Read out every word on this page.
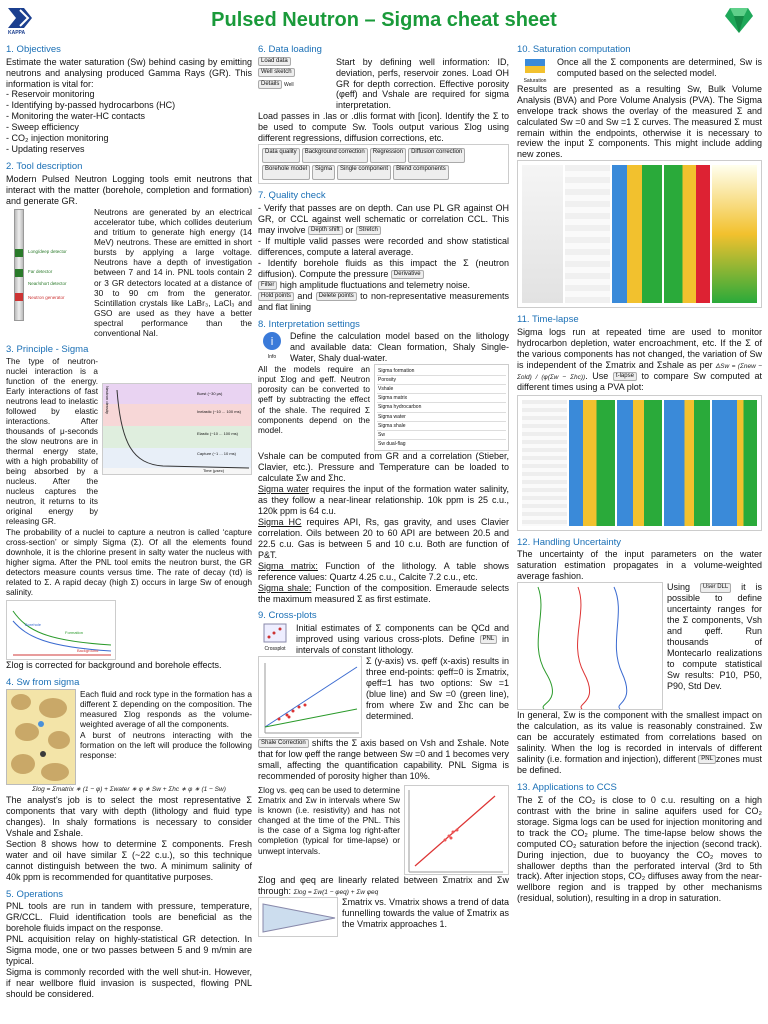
KAPPA
Pulsed Neutron – Sigma cheat sheet
1. Objectives

Estimate the water saturation (Sw) behind casing by emitting neutrons and analysing produced Gamma Rays (GR). This information is vital for:

- Reservoir monitoring
- Identifying by-passed hydrocarbons (HC)
- Monitoring the water-HC contacts
- Sweep efficiency
- CO₂ injection monitoring
- Updating reserves
2. Tool description

Modern Pulsed Neutron Logging tools emit neutrons that interact with the matter (borehole, completion and formation) and generate GR.

Long/deep detector
Far detector
Near/short detector
Neutron generator

Neutrons are generated by an electrical accelerator tube, which collides deuterium and tritium to generate high energy (14 MeV) neutrons. These are emitted in short bursts by applying a large voltage. Neutrons have a depth of investigation between 7 and 14 in. PNL tools contain 2 or 3 GR detectors located at a distance of 30 to 90 cm from the generator. Scintillation crystals like LaBr₃, LaCl₃ and GSO are used as they have a better spectral performance than the conventional NaI.

3. Principle - Sigma

The type of neutron-nuclei interaction is a function of the energy. Early interactions of fast neutrons lead to inelastic followed by elastic interactions. After thousands of μ-seconds the slow neutrons are in thermal energy state, with a high probability of being absorbed by a nucleus. After the nucleus captures the neutron, it returns to its original energy by releasing GR.

Burst (~30 μs)
Inelastic (~10 ... 100 ms)
Elastic (~10 ... 100 ms)
Capture (~1 ... 10 ms)
Time (μsec)
Neutron density

The probability of a nuclei to capture a neutron is called ‘capture cross-section’ or simply Sigma (Σ). Of all the elements found downhole, it is the chlorine present in salty water the nucleus with higher sigma. After the PNL tool emits the neutron burst, the GR detectors measure counts versus time. The rate of decay (τd) is related to Σ. A rapid decay (high Σ) occurs in large Sw of enough salinity.

Borehole
Formation
Background

Σlog is corrected for background and borehole effects.

4. Sw from sigma

Each fluid and rock type in the formation has a different Σ depending on the composition. The measured Σlog responds as the volume-weighted average of all the components.

A burst of neutrons interacting with the formation on the left will produce the following response:

Σlog = Σmatrix ∗ (1 − φ) + Σwater ∗ φ ∗ Sw + Σhc ∗ φ ∗ (1 − Sw)

The analyst’s job is to select the most representative Σ components that vary with depth (lithology and fluid type changes). In shaly formations is necessary to consider Vshale and Σshale.

Section 8 shows how to determine Σ components. Fresh water and oil have similar Σ (~22 c.u.), so this technique cannot distinguish between the two. A minimum salinity of 40k ppm is recommended for quantitative purposes.

5. Operations

PNL tools are run in tandem with pressure, temperature, GR/CCL. Fluid identification tools are beneficial as the borehole fluids impact on the response.

PNL acquisition relay on highly-statistical GR detection. In Sigma mode, one or two passes between 5 and 9 m/min are typical.

Sigma is commonly recorded with the well shut-in. However, if near wellbore fluid invasion is suspected, flowing PNL should be considered.

6. Data loading
Load data
Well sketch
Details Well

Start by defining well information: ID, deviation, perfs, reservoir zones. Load OH GR for depth correction. Effective porosity (φeff) and Vshale are required for sigma interpretation.

Load passes in .las or .dlis format with [icon]. Identify the Σ to be used to compute Sw. Tools output various Σlog using different regressions, diffusion corrections, etc.

Data quality	Background correction	Regression	Diffusion correction
Borehole model	Sigma	Single component	Blend components
7. Quality check

- Verify that passes are on depth. Can use PL GR against OH GR, or CCL against well schematic or correlation CCL. This may involve Depth shift or Stretch

- If multiple valid passes were recorded and show statistical differences, compute a lateral average.

- Identify borehole fluids as this impact the Σ (neutron diffusion). Compute the pressure Derivative

Filter high amplitude fluctuations and telemetry noise.

Hold points and Delete points to non-representative measurements and flat lining

8. Interpretation settings
i
Info

Define the calculation model based on the lithology and available data: Clean formation, Shaly Single-Water, Shaly dual-water.

All the models require an input Σlog and φeff. Neutron porosity can be converted to φeff by subtracting the effect of the shale. The required Σ components depend on the model.

Sigma formation
Porosity
Vshale
Sigma matrix
Sigma hydrocarbon
Sigma water
Sigma shale
Sw
Sw dual-flag

Vshale can be computed from GR and a correlation (Stieber, Clavier, etc.). Pressure and Temperature can be loaded to calculate Σw and Σhc.

Sigma water requires the input of the formation water salinity, as they follow a near-linear relationship. 10k ppm is 25 c.u., 120k ppm is 64 c.u.

Sigma HC requires API, Rs, gas gravity, and uses Clavier correlation. Oils between 20 to 60 API are between 20.5 and 22.5 c.u. Gas is between 5 and 10 c.u. Both are function of P&T.

Sigma matrix: Function of the lithology. A table shows reference values: Quartz 4.25 c.u., Calcite 7.2 c.u., etc.

Sigma shale: Function of the composition. Emeraude selects the maximum measured Σ as first estimate.

9. Cross-plots
Crossplot

Initial estimates of Σ components can be QCd and improved using various cross-plots. Define PNL in intervals of constant lithology.

Σ (y-axis) vs. φeff (x-axis) results in three end-points: φeff=0 is Σmatrix, φeff=1 has two options: Sw =1 (blue line) and Sw =0 (green line), from where Σw and Σhc can be determined.

Shale Correction shifts the Σ axis based on Vsh and Σshale. Note that for low φeff the range between Sw =0 and 1 becomes very small, affecting the quantification capability. PNL Sigma is recommended of porosity higher than 10%.

Σlog vs. φeq can be used to determine Σmatrix and Σw in intervals where Sw is known (i.e. resistivity) and has not changed at the time of the PNL. This is the case of a Sigma log right-after completion (typical for time-lapse) or unwept intervals.

Σlog and φeq are linearly related between Σmatrix and Σw through: Σlog = Σw(1 − φeq) + Σw φeq

Σmatrix vs. Vmatrix shows a trend of data funnelling towards the value of Σmatrix as the Vmatrix approaches 1.

10. Saturation computation
Saturation

Once all the Σ components are determined, Sw is computed based on the selected model.

Results are presented as a resulting Sw, Bulk Volume Analysis (BVA) and Pore Volume Analysis (PVA). The Sigma envelope track shows the overlay of the measured Σ and calculated Sw =0 and Sw =1 Σ curves. The measured Σ must remain within the endpoints, otherwise it is necessary to review the input Σ components. This might include adding new zones.

11. Time-lapse

Sigma logs run at repeated time are used to monitor hydrocarbon depletion, water encroachment, etc. If the Σ of the various components has not changed, the variation of Sw is independent of the Σmatrix and Σshale as per ΔSw = (Σnew − Σold) / (φ(Σw − Σhc)). Use t-lapse to compare Sw computed at different times using a PVA plot:

12. Handling Uncertainty

The uncertainty of the input parameters on the water saturation estimation propagates in a volume-weighted average fashion.

Using User DLL it is possible to define uncertainty ranges for the Σ components, Vsh and φeff. Run thousands of Montecarlo realizations to compute statistical Sw results: P10, P50, P90, Std Dev.

In general, Σw is the component with the smallest impact on the calculation, as its value is reasonably constrained. Σw can be accurately estimated from correlations based on salinity. When the log is recorded in intervals of different salinity (i.e. formation and injection), different PNL zones must be defined.

13. Applications to CCS

The Σ of the CO₂ is close to 0 c.u. resulting on a high contrast with the brine in saline aquifers used for CO₂ storage. Sigma logs can be used for injection monitoring and to track the CO₂ plume. The time-lapse below shows the computed CO₂ saturation before the injection (second track). During injection, due to buoyancy the CO₂ moves to shallower depths than the perforated interval (3rd to 5th track). After injection stops, CO₂ diffuses away from the near-wellbore region and is trapped by other mechanisms (residual, solution), resulting in a drop in saturation.
